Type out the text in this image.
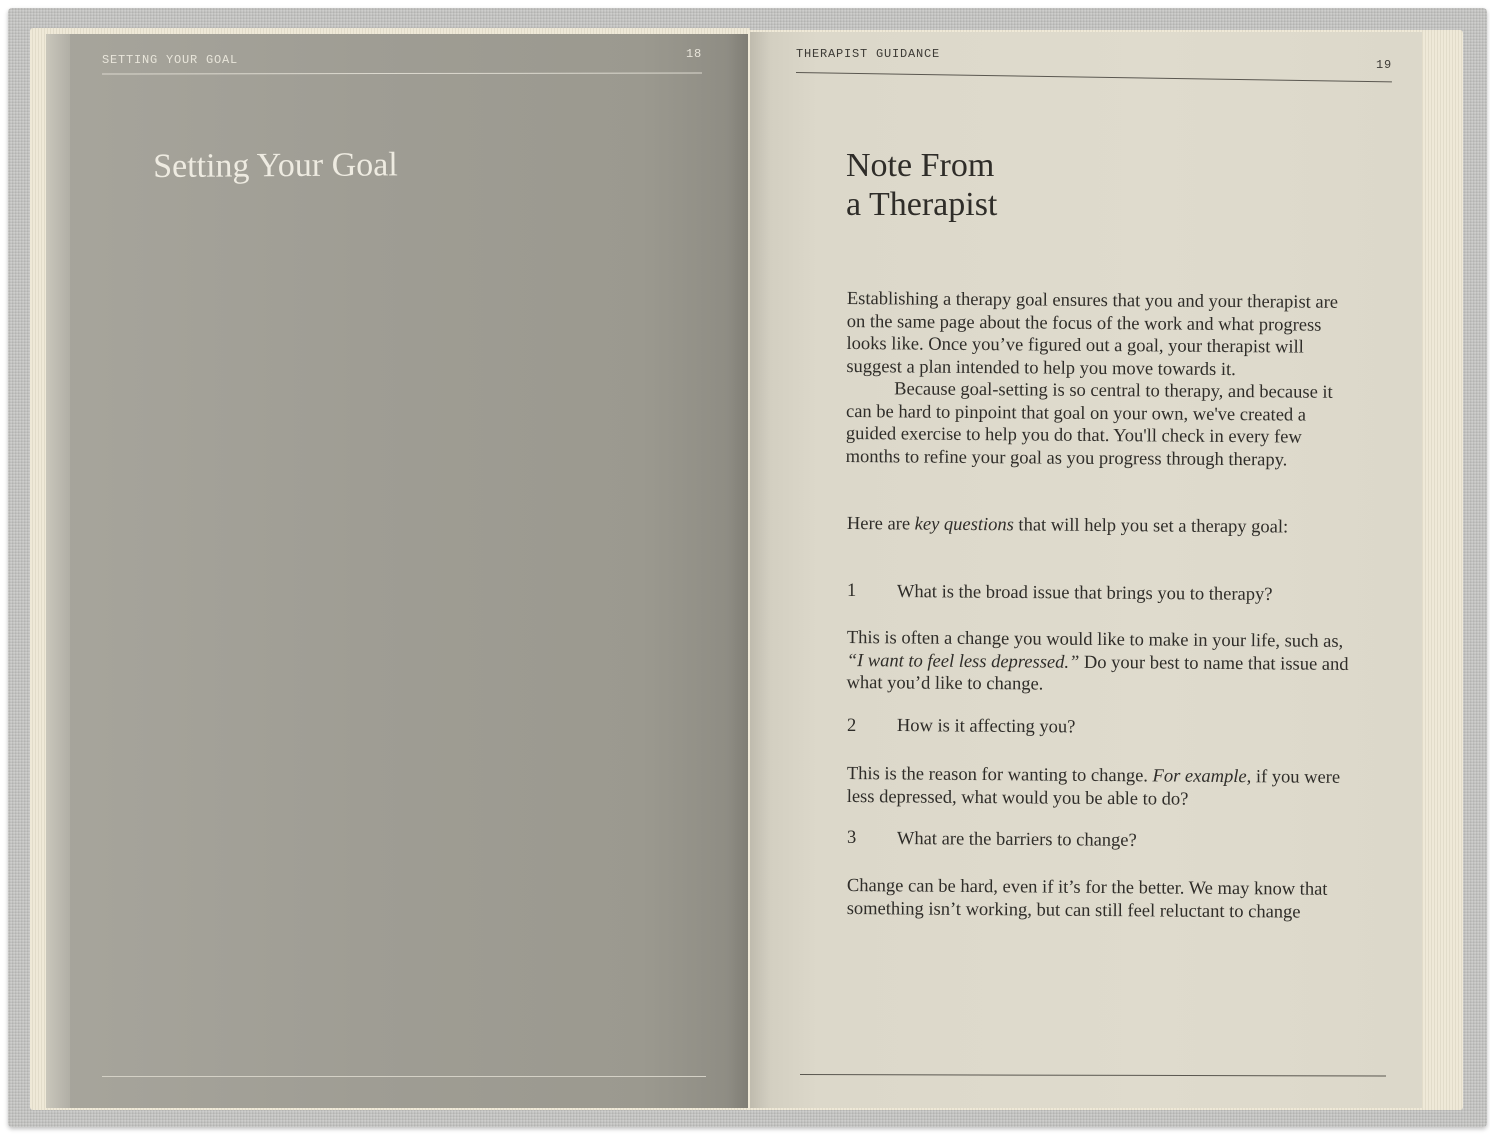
SETTING YOUR GOAL	18
Setting Your Goal
THERAPIST GUIDANCE
19
Note From
a Therapist

Establishing a therapy goal ensures that you and your therapist are on the same page about the focus of the work and what progress looks like. Once you’ve figured out a goal, your therapist will suggest a plan intended to help you move towards it.

Because goal-setting is so central to therapy, and because it can be hard to pinpoint that goal on your own, we've created a guided exercise to help you do that. You'll check in every few months to refine your goal as you progress through therapy.

Here are key questions that will help you set a therapy goal:
1 What is the broad issue that brings you to therapy?
This is often a change you would like to make in your life, such as, “I want to feel less depressed.” Do your best to name that issue and what you’d like to change.
2 How is it affecting you?
This is the reason for wanting to change. For example, if you were less depressed, what would you be able to do?
3 What are the barriers to change?
Change can be hard, even if it’s for the better. We may know that something isn’t working, but can still feel reluctant to change
